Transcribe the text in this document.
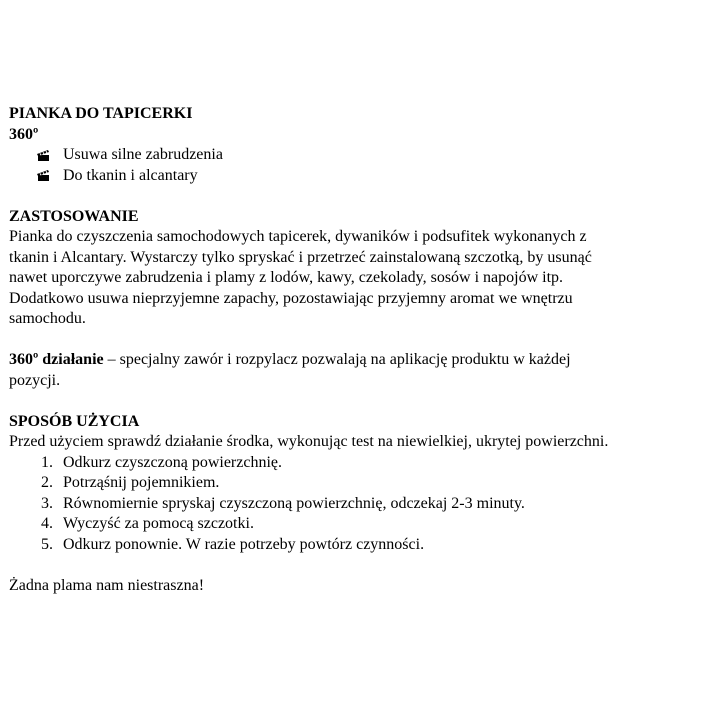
PIANKA DO TAPICERKI

360º

Usuwa silne zabrudzenia
Do tkanin i alcantary

ZASTOSOWANIE

Pianka do czyszczenia samochodowych tapicerek, dywaników i podsufitek wykonanych z

tkanin i Alcantary. Wystarczy tylko spryskać i przetrzeć zainstalowaną szczotką, by usunąć

nawet uporczywe zabrudzenia i plamy z lodów, kawy, czekolady, sosów i napojów itp.

Dodatkowo usuwa nieprzyjemne zapachy, pozostawiając przyjemny aromat we wnętrzu

samochodu.

360º działanie – specjalny zawór i rozpylacz pozwalają na aplikację produktu w każdej

pozycji.

SPOSÓB UŻYCIA

Przed użyciem sprawdź działanie środka, wykonując test na niewielkiej, ukrytej powierzchni.

1. Odkurz czyszczoną powierzchnię.
2. Potrząśnij pojemnikiem.
3. Równomiernie spryskaj czyszczoną powierzchnię, odczekaj 2-3 minuty.
4. Wyczyść za pomocą szczotki.
5. Odkurz ponownie. W razie potrzeby powtórz czynności.

Żadna plama nam niestraszna!
